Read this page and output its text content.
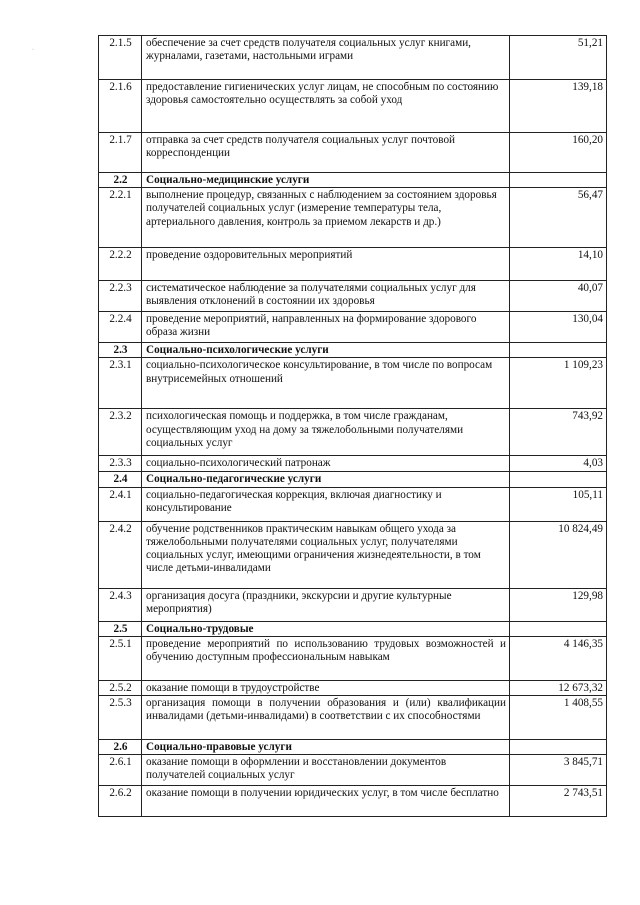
·
2.1.5	обеспечение за счет средств получателя социальных услуг книгами, журналами, газетами, настольными играми	51,21
2.1.6	предоставление гигиенических услуг лицам, не способным по состоянию здоровья самостоятельно осуществлять за собой уход	139,18
2.1.7	отправка за счет средств получателя социальных услуг почтовой корреспонденции	160,20
2.2	Социально-медицинские услуги	
2.2.1	выполнение процедур, связанных с наблюдением за состоянием здоровья получателей социальных услуг (измерение температуры тела, артериального давления, контроль за приемом лекарств и др.)	56,47
2.2.2	проведение оздоровительных мероприятий	14,10
2.2.3	систематическое наблюдение за получателями социальных услуг для выявления отклонений в состоянии их здоровья	40,07
2.2.4	проведение мероприятий, направленных на формирование здорового образа жизни	130,04
2.3	Социально-психологические услуги	
2.3.1	социально-психологическое консультирование, в том числе по вопросам внутрисемейных отношений	1 109,23
2.3.2	психологическая помощь и поддержка, в том числе гражданам, осуществляющим уход на дому за тяжелобольными получателями социальных услуг	743,92
2.3.3	социально-психологический патронаж	4,03
2.4	Социально-педагогические услуги	
2.4.1	социально-педагогическая коррекция, включая диагностику и консультирование	105,11
2.4.2	обучение родственников практическим навыкам общего ухода за тяжелобольными получателями социальных услуг, получателями социальных услуг, имеющими ограничения жизнедеятельности, в том числе детьми-инвалидами	10 824,49
2.4.3	организация досуга (праздники, экскурсии и другие культурные мероприятия)	129,98
2.5	Социально-трудовые	
2.5.1	проведение мероприятий по использованию трудовых возможностей и обучению доступным профессиональным навыкам	4 146,35
2.5.2	оказание помощи в трудоустройстве	12 673,32
2.5.3	организация помощи в получении образования и (или) квалификации инвалидами (детьми-инвалидами) в соответствии с их способностями	1 408,55
2.6	Социально-правовые услуги	
2.6.1	оказание помощи в оформлении и восстановлении документов получателей социальных услуг	3 845,71
2.6.2	оказание помощи в получении юридических услуг, в том числе бесплатно	2 743,51
